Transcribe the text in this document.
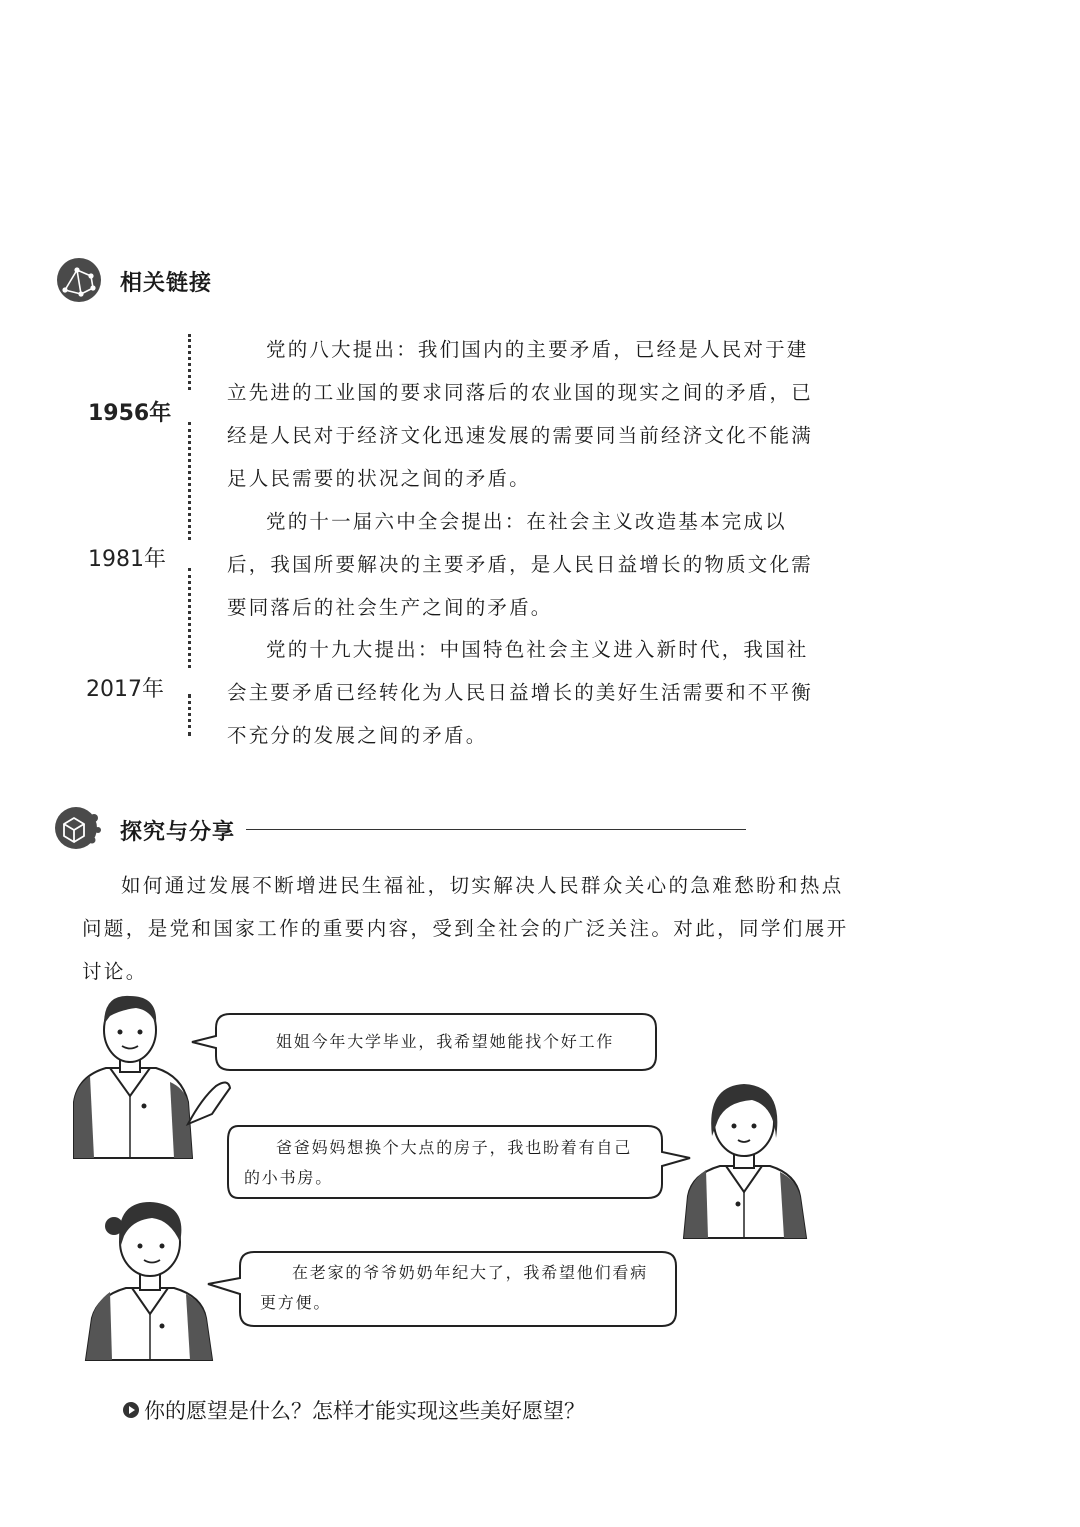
相关链接
1956年
1981年
2017年

党的八大提出：我们国内的主要矛盾，已经是人民对于建立先进的工业国的要求同落后的农业国的现实之间的矛盾，已经是人民对于经济文化迅速发展的需要同当前经济文化不能满足人民需要的状况之间的矛盾。

党的十一届六中全会提出：在社会主义改造基本完成以后，我国所要解决的主要矛盾，是人民日益增长的物质文化需要同落后的社会生产之间的矛盾。

党的十九大提出：中国特色社会主义进入新时代，我国社会主要矛盾已经转化为人民日益增长的美好生活需要和不平衡不充分的发展之间的矛盾。

探究与分享

如何通过发展不断增进民生福祉，切实解决人民群众关心的急难愁盼和热点问题，是党和国家工作的重要内容，受到全社会的广泛关注。对此，同学们展开讨论。

姐姐今年大学毕业，我希望她能找个好工作
爸爸妈妈想换个大点的房子，我也盼着有自己的小书房。
在老家的爷爷奶奶年纪大了，我希望他们看病更方便。
你的愿望是什么？怎样才能实现这些美好愿望？
